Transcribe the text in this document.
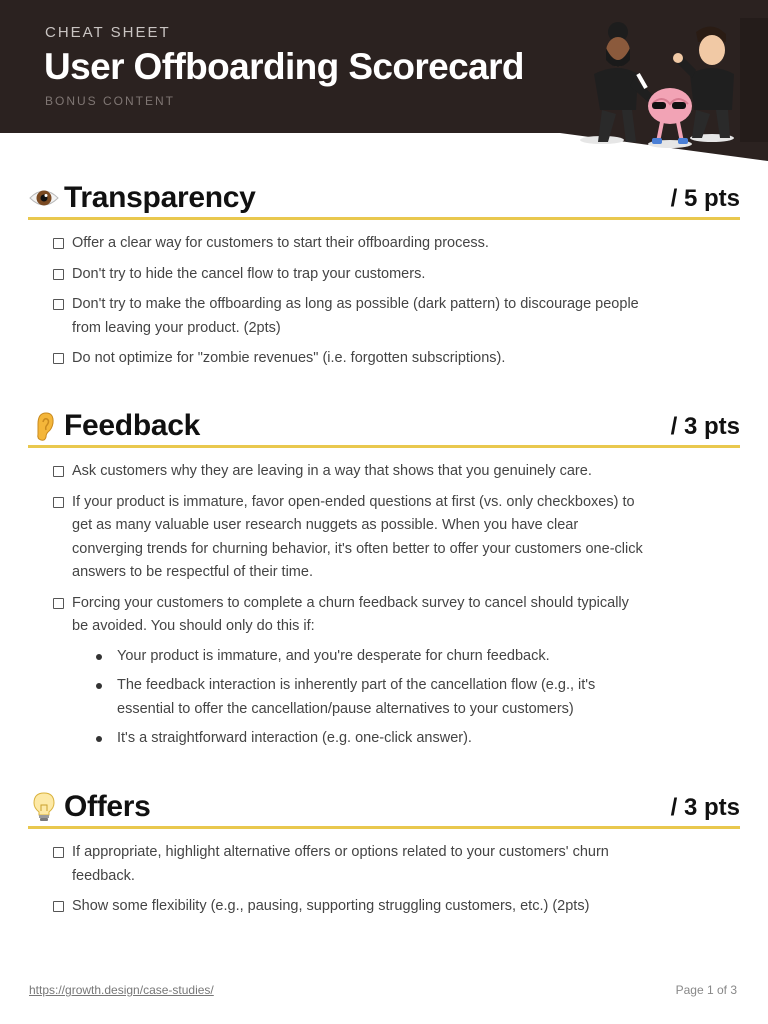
CHEAT SHEET
User Offboarding Scorecard
BONUS CONTENT
Transparency	/ 5 pts
Offer a clear way for customers to start their offboarding process.
Don't try to hide the cancel flow to trap your customers.
Don't try to make the offboarding as long as possible (dark pattern) to discourage people from leaving your product. (2pts)
Do not optimize for "zombie revenues" (i.e. forgotten subscriptions).
Feedback	/ 3 pts
Ask customers why they are leaving in a way that shows that you genuinely care.
If your product is immature, favor open-ended questions at first (vs. only checkboxes) to get as many valuable user research nuggets as possible. When you have clear converging trends for churning behavior, it's often better to offer your customers one-click answers to be respectful of their time.
Forcing your customers to complete a churn feedback survey to cancel should typically be avoided. You should only do this if:
Your product is immature, and you're desperate for churn feedback.
The feedback interaction is inherently part of the cancellation flow (e.g., it's essential to offer the cancellation/pause alternatives to your customers)
It's a straightforward interaction (e.g. one-click answer).
Offers	/ 3 pts
If appropriate, highlight alternative offers or options related to your customers' churn feedback.
Show some flexibility (e.g., pausing, supporting struggling customers, etc.) (2pts)
https://growth.design/case-studies/	Page 1 of 3
